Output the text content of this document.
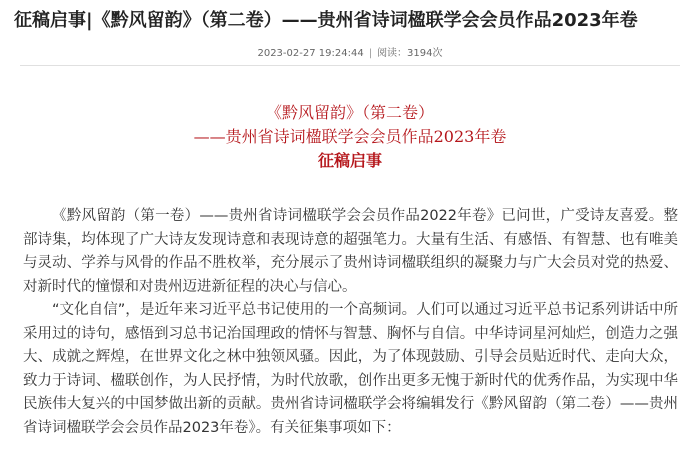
征稿启事|《黔风留韵》（第二卷）——贵州省诗词楹联学会会员作品2023年卷
2023-02-27 19:24:44 | 阅读：3194次
《黔风留韵》（第二卷）
——贵州省诗词楹联学会会员作品2023年卷
征稿启事

《黔风留韵（第一卷）——贵州省诗词楹联学会会员作品2022年卷》已问世，广受诗友喜爱。整部诗集，均体现了广大诗友发现诗意和表现诗意的超强笔力。大量有生活、有感悟、有智慧、也有唯美与灵动、学养与风骨的作品不胜枚举，充分展示了贵州诗词楹联组织的凝聚力与广大会员对党的热爱、对新时代的憧憬和对贵州迈进新征程的决心与信心。

“文化自信”，是近年来习近平总书记使用的一个高频词。人们可以通过习近平总书记系列讲话中所采用过的诗句，感悟到习总书记治国理政的情怀与智慧、胸怀与自信。中华诗词星河灿烂，创造力之强大、成就之辉煌，在世界文化之林中独领风骚。因此，为了体现鼓励、引导会员贴近时代、走向大众，致力于诗词、楹联创作，为人民抒情，为时代放歌，创作出更多无愧于新时代的优秀作品，为实现中华民族伟大复兴的中国梦做出新的贡献。贵州省诗词楹联学会将编辑发行《黔风留韵（第二卷）——贵州省诗词楹联学会会员作品2023年卷》。有关征集事项如下：
